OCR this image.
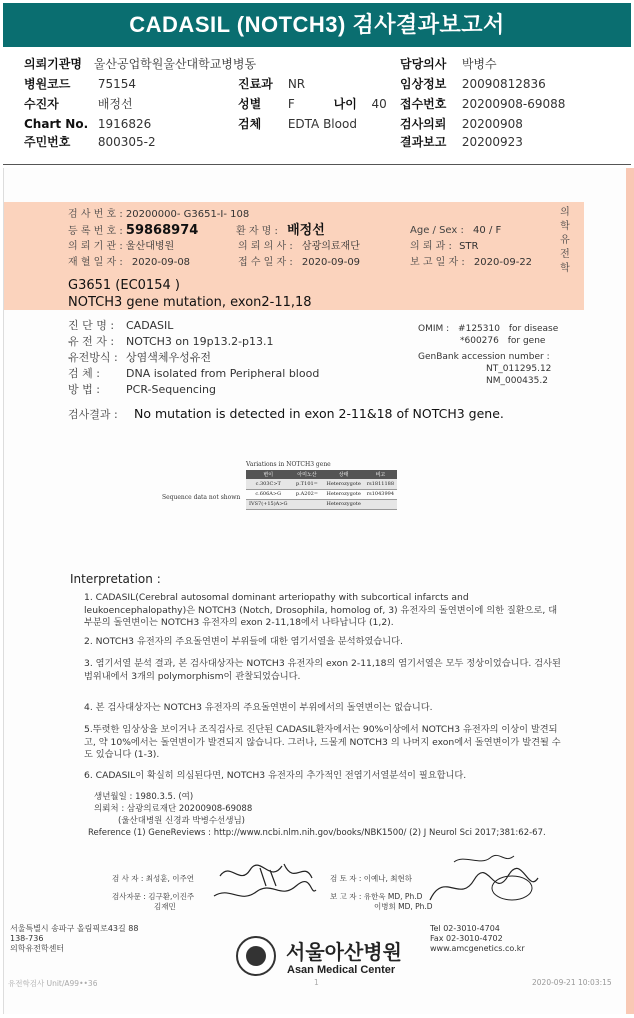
CADASIL (NOTCH3) 검사결과보고서
의뢰기관명 울산공업학원울산대학교병병동
병원코드 75154
수진자	배정선
Chart No. 1916826
주민번호 800305-2
진료과 NR
성별 F	나이 40
검체 EDTA Blood
담당의사 박병수
임상정보 20090812836
접수번호 20200908-69088
검사의뢰 20200908
결과보고 20200923
의학유전학
검 사 번 호 : 20200000- G3651-I- 108
등 록 번 호 : 59868974	환 자 명 : 배정선	Age / Sex : 40 / F
의 뢰 기 관 : 울산대병원	의 뢰 의 사 : 삼광의료재단	의 뢰 과 : STR
재 혈 일 자 : 2020-09-08	접 수 일 자 : 2020-09-09	보 고 일 자 : 2020-09-22
G3651 (EC0154 )
NOTCH3 gene mutation, exon2-11,18
진 단 명 : CADASIL
유 전 자 : NOTCH3 on 19p13.2-p13.1
유전방식 : 상염색체우성유전
검 체 : DNA isolated from Peripheral blood
방 법 : PCR-Sequencing
OMIM : #125310 for disease
*600276 for gene
GenBank accession number :
NT_011295.12
NM_000435.2
검사결과 : No mutation is detected in exon 2-11&18 of NOTCH3 gene.
Variations in NOTCH3 gene
Sequence data not shown
변이	아미노산	상태	비고
c.303C>T	p.T101=	Heterozygote	rs1811188
c.606A>G	p.A202=	Heterozygote	rs1043994
IVS7(+15)A>G		Heterozygote	
Interpretation :
1. CADASIL(Cerebral autosomal dominant arteriopathy with subcortical infarcts and leukoencephalopathy)은 NOTCH3 (Notch, Drosophila, homolog of, 3) 유전자의 돌연변이에 의한 질환으로, 대부분의 돌연변이는 NOTCH3 유전자의 exon 2-11,18에서 나타납니다 (1,2).
2. NOTCH3 유전자의 주요돌연변이 부위들에 대한 염기서열을 분석하였습니다.
3. 염기서열 분석 결과, 본 검사대상자는 NOTCH3 유전자의 exon 2-11,18의 염기서열은 모두 정상이었습니다. 검사된 범위내에서 3개의 polymorphism이 관찰되었습니다.
4. 본 검사대상자는 NOTCH3 유전자의 주요돌연변이 부위에서의 돌연변이는 없습니다.
5.뚜렷한 임상상을 보이거나 조직검사로 진단된 CADASIL환자에서는 90%이상에서 NOTCH3 유전자의 이상이 발견되고, 약 10%에서는 돌연변이가 발견되지 않습니다. 그러나, 드물게 NOTCH3 의 나머지 exon에서 돌연변이가 발견될 수도 있습니다 (1-3).
6. CADASIL이 확실히 의심된다면, NOTCH3 유전자의 추가적인 전염기서열분석이 필요합니다.
생년월일 : 1980.3.5. (여)
의뢰처 : 삼광의료재단 20200908-69088
(울산대병원 신경과 박병수선생님)
Reference (1) GeneReviews : http://www.ncbi.nlm.nih.gov/books/NBK1500/ (2) J Neurol Sci 2017;381:62-67.
검 사 자 : 최성훈, 이주연
검사자문 : 김구환,이진주
김재민
검 토 자 : 이예나, 최현하
보 고 자 : 유한욱 MD, Ph.D
이병희 MD, Ph.D
서울특별시 송파구 올림픽로43길 88
138-736
의학유전학센터	서울아산병원
Asan Medical Center
Tel 02-3010-4704
Fax 02-3010-4702
www.amcgenetics.co.kr
유전학검사 Unit/A99••36	1	2020-09-21 10:03:15
